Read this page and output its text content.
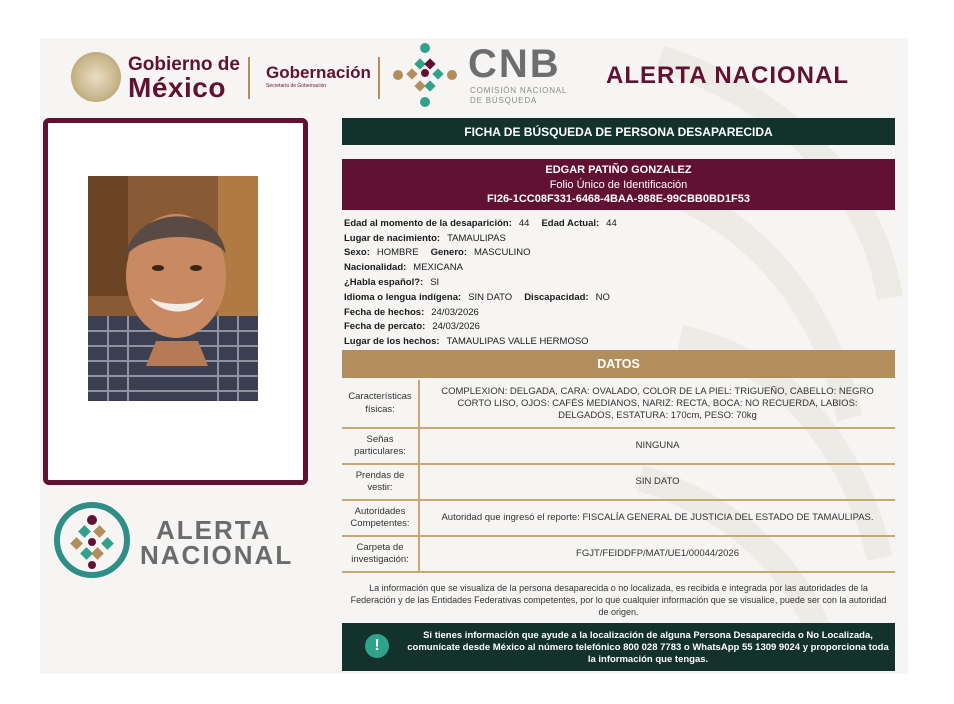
Gobierno de
México	Gobernación
Secretaría de Gobernación	CNB
COMISIÓN NACIONAL DE BÚSQUEDA
ALERTA NACIONAL
ALERTA
NACIONAL
FICHA DE BÚSQUEDA DE PERSONA DESAPARECIDA
EDGAR PATIÑO GONZALEZ
Folio Único de Identificación
FI26-1CC08F331-6468-4BAA-988E-99CBB0BD1F53
Edad al momento de la desaparición: 44 Edad Actual: 44
Lugar de nacimiento: TAMAULIPAS
Sexo: HOMBRE Genero: MASCULINO
Nacionalidad: MEXICANA
¿Habla español?: SI
Idioma o lengua indígena: SIN DATO Discapacidad: NO
Fecha de hechos: 24/03/2026
Fecha de percato: 24/03/2026
Lugar de los hechos: TAMAULIPAS VALLE HERMOSO
DATOS
Características físicas:	COMPLEXION: DELGADA, CARA: OVALADO, COLOR DE LA PIEL: TRIGUEÑO, CABELLO: NEGRO CORTO LISO, OJOS: CAFÉS MEDIANOS, NARIZ: RECTA, BOCA: NO RECUERDA, LABIOS: DELGADOS, ESTATURA: 170cm, PESO: 70kg
Señas particulares:	NINGUNA
Prendas de vestir:	SIN DATO
Autoridades Competentes:	Autoridad que ingresó el reporte: FISCALÍA GENERAL DE JUSTICIA DEL ESTADO DE TAMAULIPAS.
Carpeta de investigación:	FGJT/FEIDDFP/MAT/UE1/00044/2026
La información que se visualiza de la persona desaparecida o no localizada, es recibida e integrada por las autoridades de la Federación y de las Entidades Federativas competentes, por lo que cualquier información que se visualice, puede ser con la autoridad de origen.
!
Si tienes información que ayude a la localización de alguna Persona Desaparecida o No Localizada, comunícate desde México al número telefónico 800 028 7783 o WhatsApp 55 1309 9024 y proporciona toda la información que tengas.
